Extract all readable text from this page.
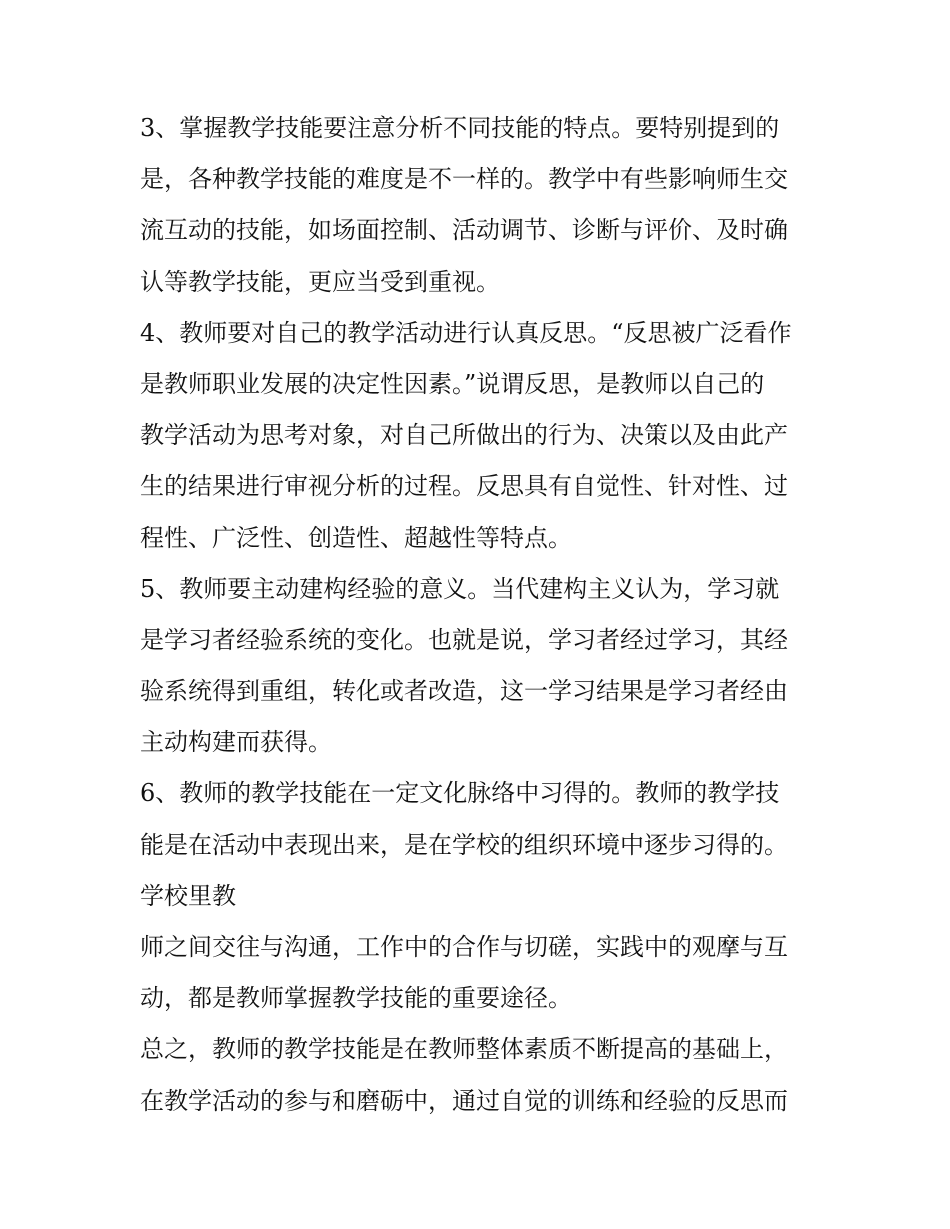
3、掌握教学技能要注意分析不同技能的特点。要特别提到的
是，各种教学技能的难度是不一样的。教学中有些影响师生交
流互动的技能，如场面控制、活动调节、诊断与评价、及时确
认等教学技能，更应当受到重视。
4、教师要对自己的教学活动进行认真反思。“反思被广泛看作
是教师职业发展的决定性因素。”说谓反思，是教师以自己的
教学活动为思考对象，对自己所做出的行为、决策以及由此产
生的结果进行审视分析的过程。反思具有自觉性、针对性、过
程性、广泛性、创造性、超越性等特点。
5、教师要主动建构经验的意义。当代建构主义认为，学习就
是学习者经验系统的变化。也就是说，学习者经过学习，其经
验系统得到重组，转化或者改造，这一学习结果是学习者经由
主动构建而获得。
6、教师的教学技能在一定文化脉络中习得的。教师的教学技
能是在活动中表现出来，是在学校的组织环境中逐步习得的。
学校里教
师之间交往与沟通，工作中的合作与切磋，实践中的观摩与互
动，都是教师掌握教学技能的重要途径。
总之，教师的教学技能是在教师整体素质不断提高的基础上，
在教学活动的参与和磨砺中，通过自觉的训练和经验的反思而
